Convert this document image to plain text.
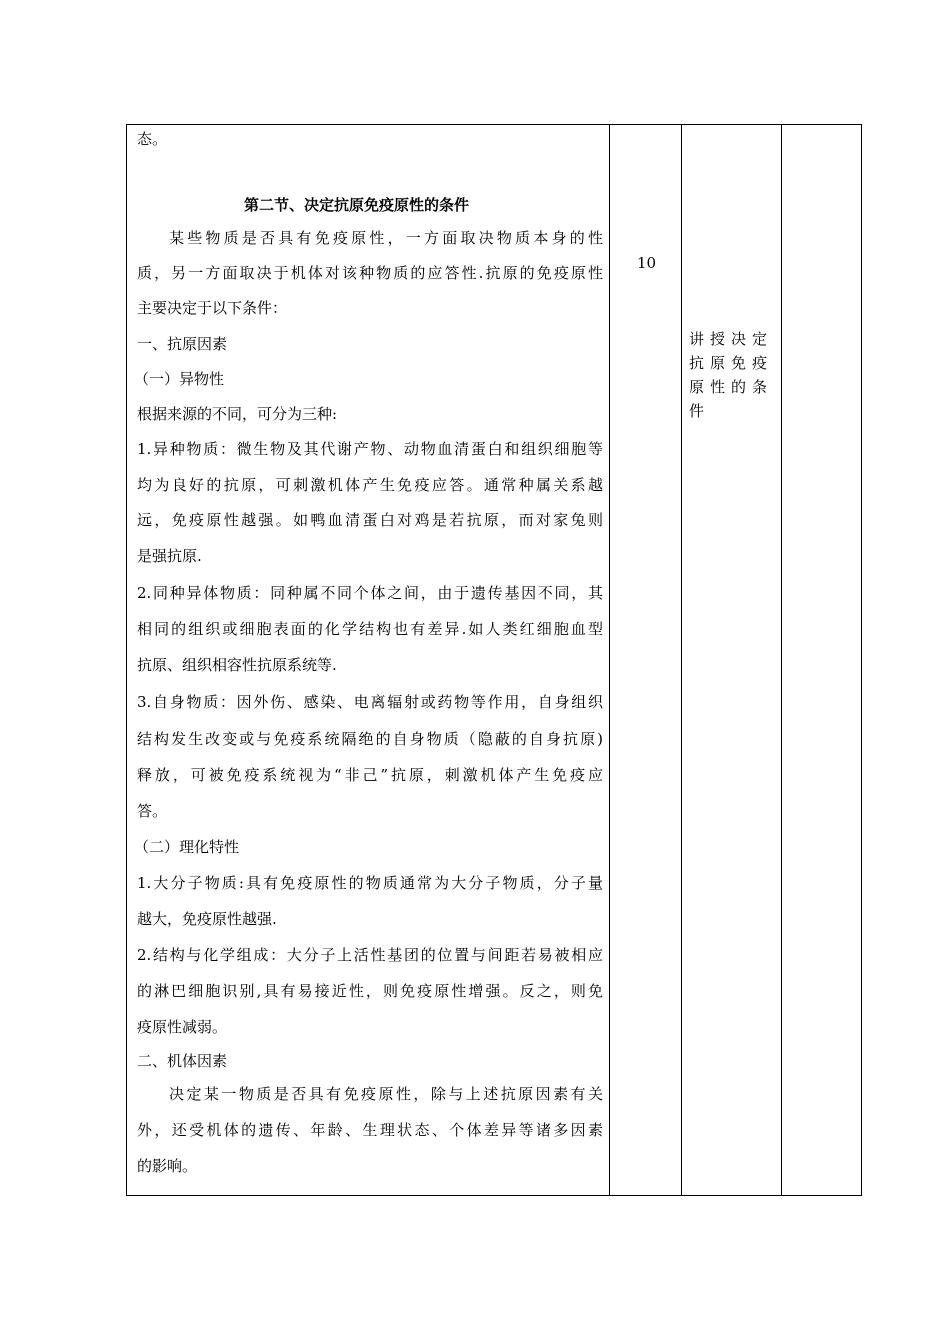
态。
第二节、决定抗原免疫原性的条件
某些物质是否具有免疫原性，一方面取决物质本身的性
质，另一方面取决于机体对该种物质的应答性.抗原的免疫原性
主要决定于以下条件：
一、抗原因素
（一）异物性
根据来源的不同，可分为三种:
1.异种物质：微生物及其代谢产物、动物血清蛋白和组织细胞等
均为良好的抗原，可刺激机体产生免疫应答。通常种属关系越
远，免疫原性越强。如鸭血清蛋白对鸡是若抗原，而对家兔则
是强抗原.
2.同种异体物质：同种属不同个体之间，由于遗传基因不同，其
相同的组织或细胞表面的化学结构也有差异.如人类红细胞血型
抗原、组织相容性抗原系统等.
3.自身物质：因外伤、感染、电离辐射或药物等作用，自身组织
结构发生改变或与免疫系统隔绝的自身物质（隐蔽的自身抗原)
释放，可被免疫系统视为“非己”抗原，刺激机体产生免疫应
答。
（二）理化特性
1.大分子物质:具有免疫原性的物质通常为大分子物质，分子量
越大，免疫原性越强.
2.结构与化学组成：大分子上活性基团的位置与间距若易被相应
的淋巴细胞识别,具有易接近性，则免疫原性增强。反之，则免
疫原性减弱。
二、机体因素
决定某一物质是否具有免疫原性，除与上述抗原因素有关
外，还受机体的遗传、年龄、生理状态、个体差异等诸多因素
的影响。
10
讲授决定
抗原免疫
原性的条
件
